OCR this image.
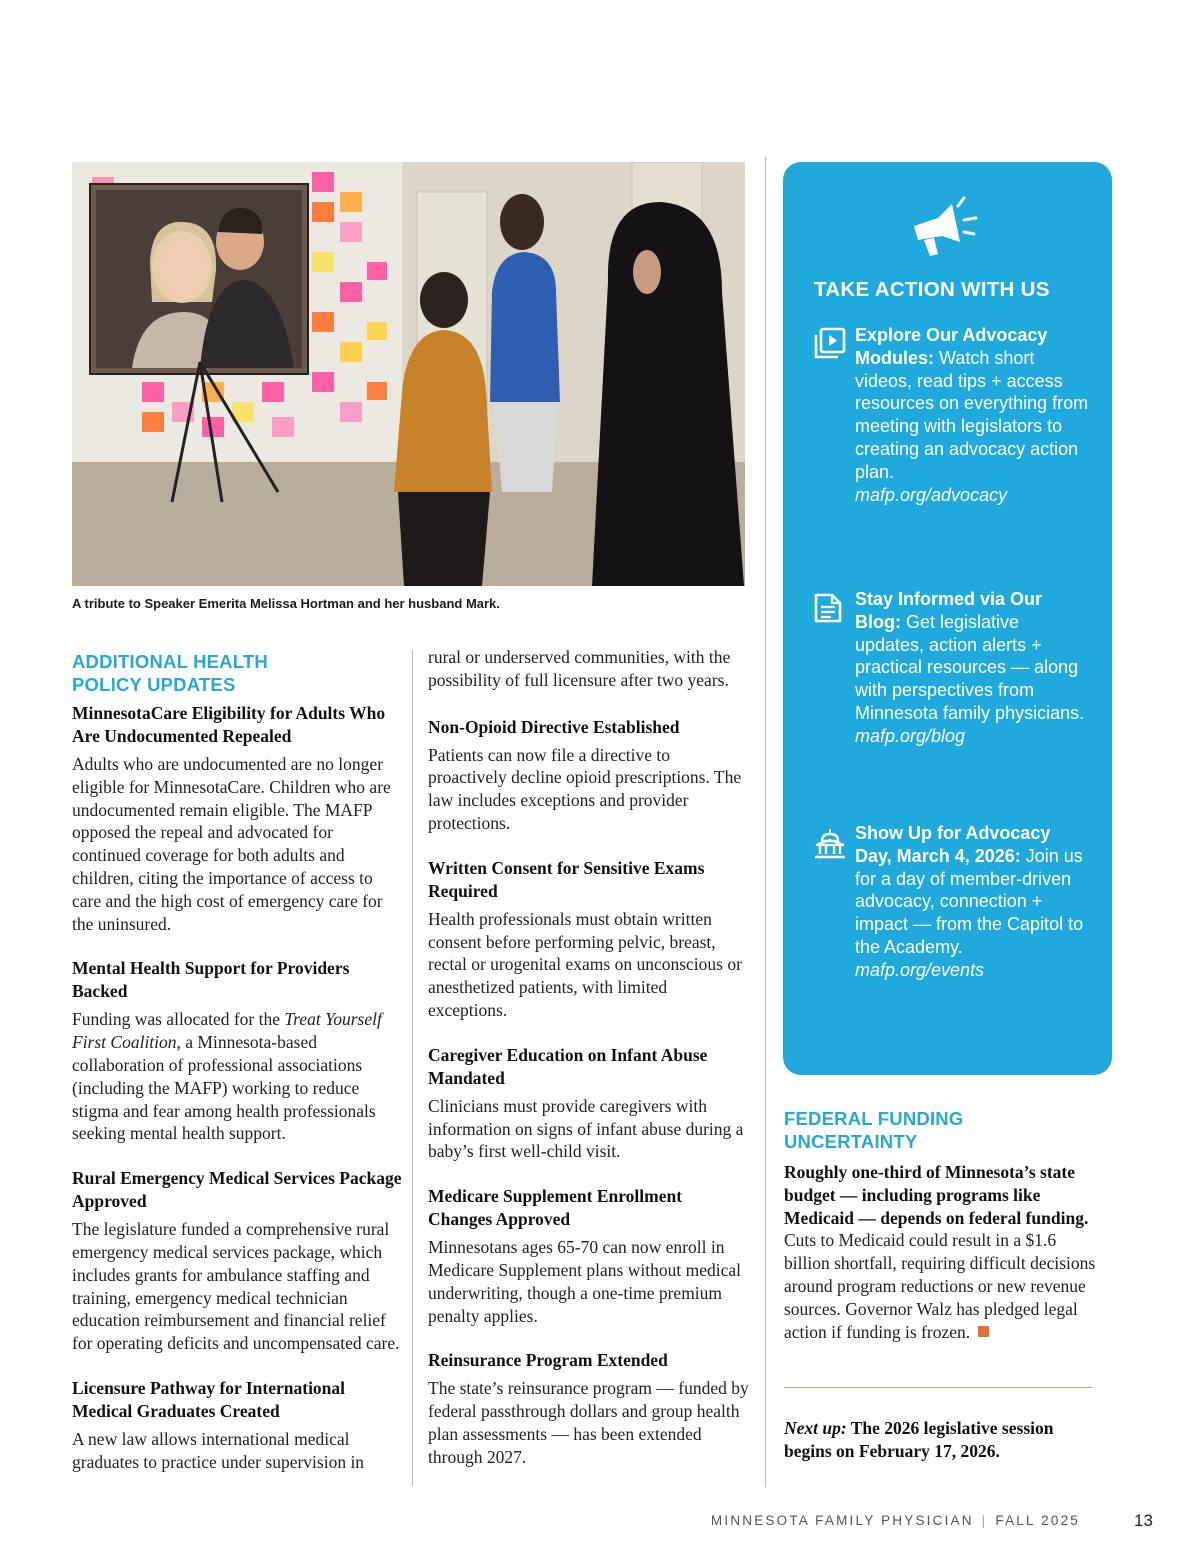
A tribute to Speaker Emerita Melissa Hortman and her husband Mark.
ADDITIONAL HEALTH
POLICY UPDATES
MinnesotaCare Eligibility for Adults Who Are Undocumented Repealed
Adults who are undocumented are no longer eligible for MinnesotaCare. Children who are undocumented remain eligible. The MAFP opposed the repeal and advocated for continued coverage for both adults and children, citing the importance of access to care and the high cost of emergency care for the uninsured.
Mental Health Support for Providers Backed
Funding was allocated for the Treat Yourself First Coalition, a Minnesota-based collaboration of professional associations (including the MAFP) working to reduce stigma and fear among health professionals seeking mental health support.
Rural Emergency Medical Services Package Approved
The legislature funded a comprehensive rural emergency medical services package, which includes grants for ambulance staffing and training, emergency medical technician education reimbursement and financial relief for operating deficits and uncompensated care.
Licensure Pathway for International Medical Graduates Created
A new law allows international medical graduates to practice under supervision in
rural or underserved communities, with the possibility of full licensure after two years.
Non-Opioid Directive Established
Patients can now file a directive to proactively decline opioid prescriptions. The law includes exceptions and provider protections.
Written Consent for Sensitive Exams Required
Health professionals must obtain written consent before performing pelvic, breast, rectal or urogenital exams on unconscious or anesthetized patients, with limited exceptions.
Caregiver Education on Infant Abuse Mandated
Clinicians must provide caregivers with information on signs of infant abuse during a baby’s first well-child visit.
Medicare Supplement Enrollment Changes Approved
Minnesotans ages 65-70 can now enroll in Medicare Supplement plans without medical underwriting, though a one-time premium penalty applies.
Reinsurance Program Extended
The state’s reinsurance program — funded by federal passthrough dollars and group health plan assessments — has been extended through 2027.
TAKE ACTION WITH US
Explore Our Advocacy Modules: Watch short videos, read tips + access resources on everything from meeting with legislators to creating an advocacy action plan.
mafp.org/advocacy
Stay Informed via Our Blog: Get legislative updates, action alerts + practical resources — along with perspectives from Minnesota family physicians.
mafp.org/blog
Show Up for Advocacy Day, March 4, 2026: Join us for a day of member-driven advocacy, connection + impact — from the Capitol to the Academy.
mafp.org/events
FEDERAL FUNDING
UNCERTAINTY
Roughly one-third of Minnesota’s state budget — including programs like Medicaid — depends on federal funding. Cuts to Medicaid could result in a $1.6 billion shortfall, requiring difficult decisions around program reductions or new revenue sources. Governor Walz has pledged legal action if funding is frozen.
Next up: The 2026 legislative session begins on February 17, 2026.
MINNESOTA FAMILY PHYSICIAN | FALL 2025	13
